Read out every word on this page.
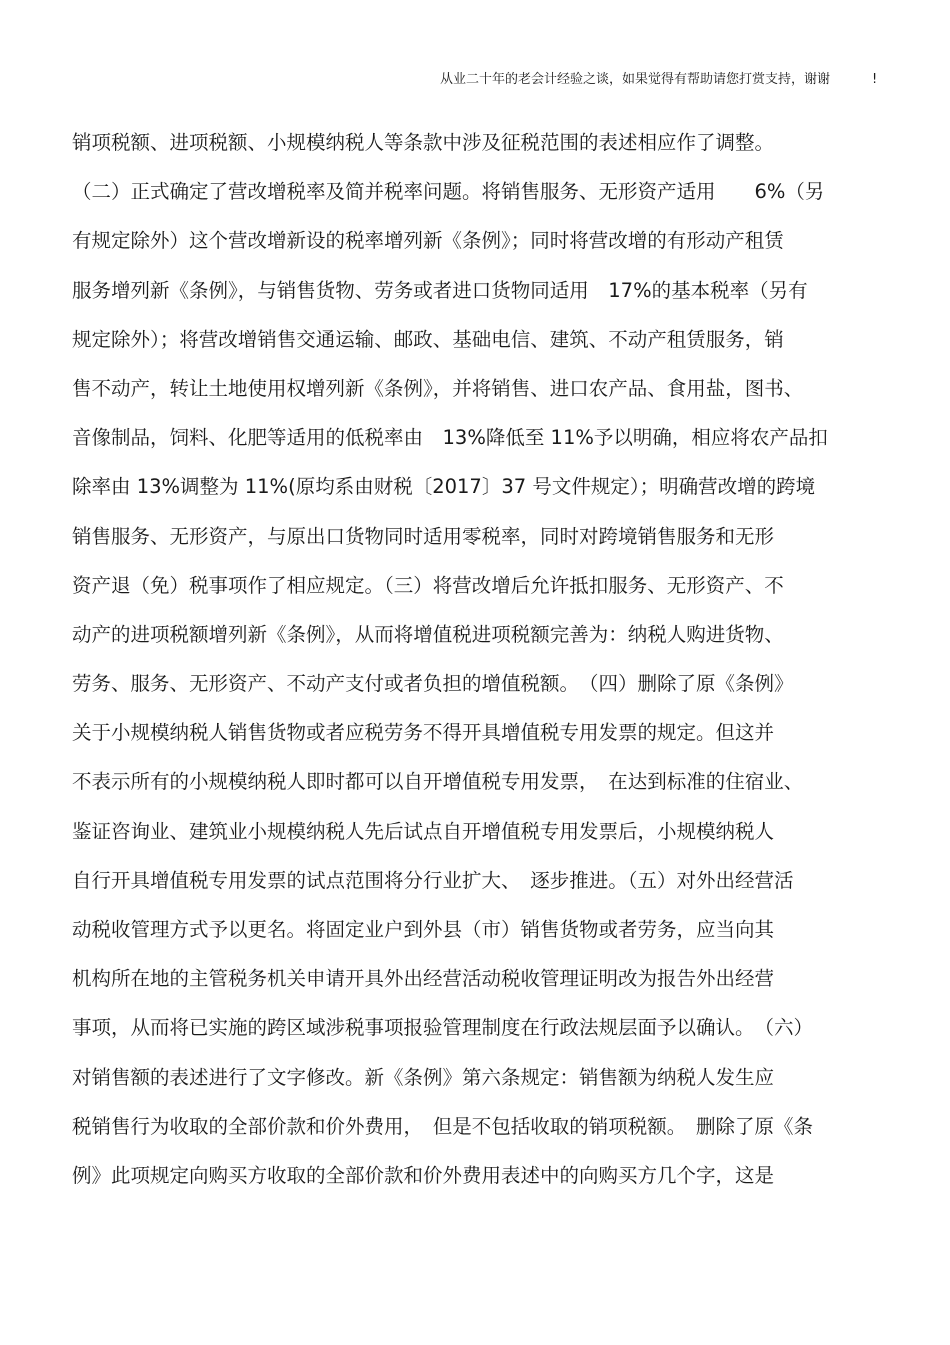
从业二十年的老会计经验之谈，如果觉得有帮助请您打赏支持，谢谢	!
销项税额、进项税额、小规模纳税人等条款中涉及征税范围的表述相应作了调整。
（二）正式确定了营改增税率及简并税率问题。将销售服务、无形资产适用　　6%（另
有规定除外）这个营改增新设的税率增列新《条例》；同时将营改增的有形动产租赁
服务增列新《条例》，与销售货物、劳务或者进口货物同适用　17%的基本税率（另有
规定除外）；将营改增销售交通运输、邮政、基础电信、建筑、不动产租赁服务，销
售不动产，转让土地使用权增列新《条例》，并将销售、进口农产品、食用盐，图书、
音像制品，饲料、化肥等适用的低税率由　13%降低至 11%予以明确，相应将农产品扣
除率由 13%调整为 11%(原均系由财税〔2017〕37 号文件规定）；明确营改增的跨境
销售服务、无形资产，与原出口货物同时适用零税率，同时对跨境销售服务和无形
资产退（免）税事项作了相应规定。（三）将营改增后允许抵扣服务、无形资产、不
动产的进项税额增列新《条例》，从而将增值税进项税额完善为：纳税人购进货物、
劳务、服务、无形资产、不动产支付或者负担的增值税额。　（四）删除了原《条例》
关于小规模纳税人销售货物或者应税劳务不得开具增值税专用发票的规定。但这并
不表示所有的小规模纳税人即时都可以自开增值税专用发票，　在达到标准的住宿业、
鉴证咨询业、建筑业小规模纳税人先后试点自开增值税专用发票后，小规模纳税人
自行开具增值税专用发票的试点范围将分行业扩大、　逐步推进。（五）对外出经营活
动税收管理方式予以更名。将固定业户到外县（市）销售货物或者劳务，应当向其
机构所在地的主管税务机关申请开具外出经营活动税收管理证明改为报告外出经营
事项，从而将已实施的跨区域涉税事项报验管理制度在行政法规层面予以确认。　（六）
对销售额的表述进行了文字修改。新《条例》第六条规定：销售额为纳税人发生应
税销售行为收取的全部价款和价外费用，　但是不包括收取的销项税额。　删除了原《条
例》此项规定向购买方收取的全部价款和价外费用表述中的向购买方几个字，这是
